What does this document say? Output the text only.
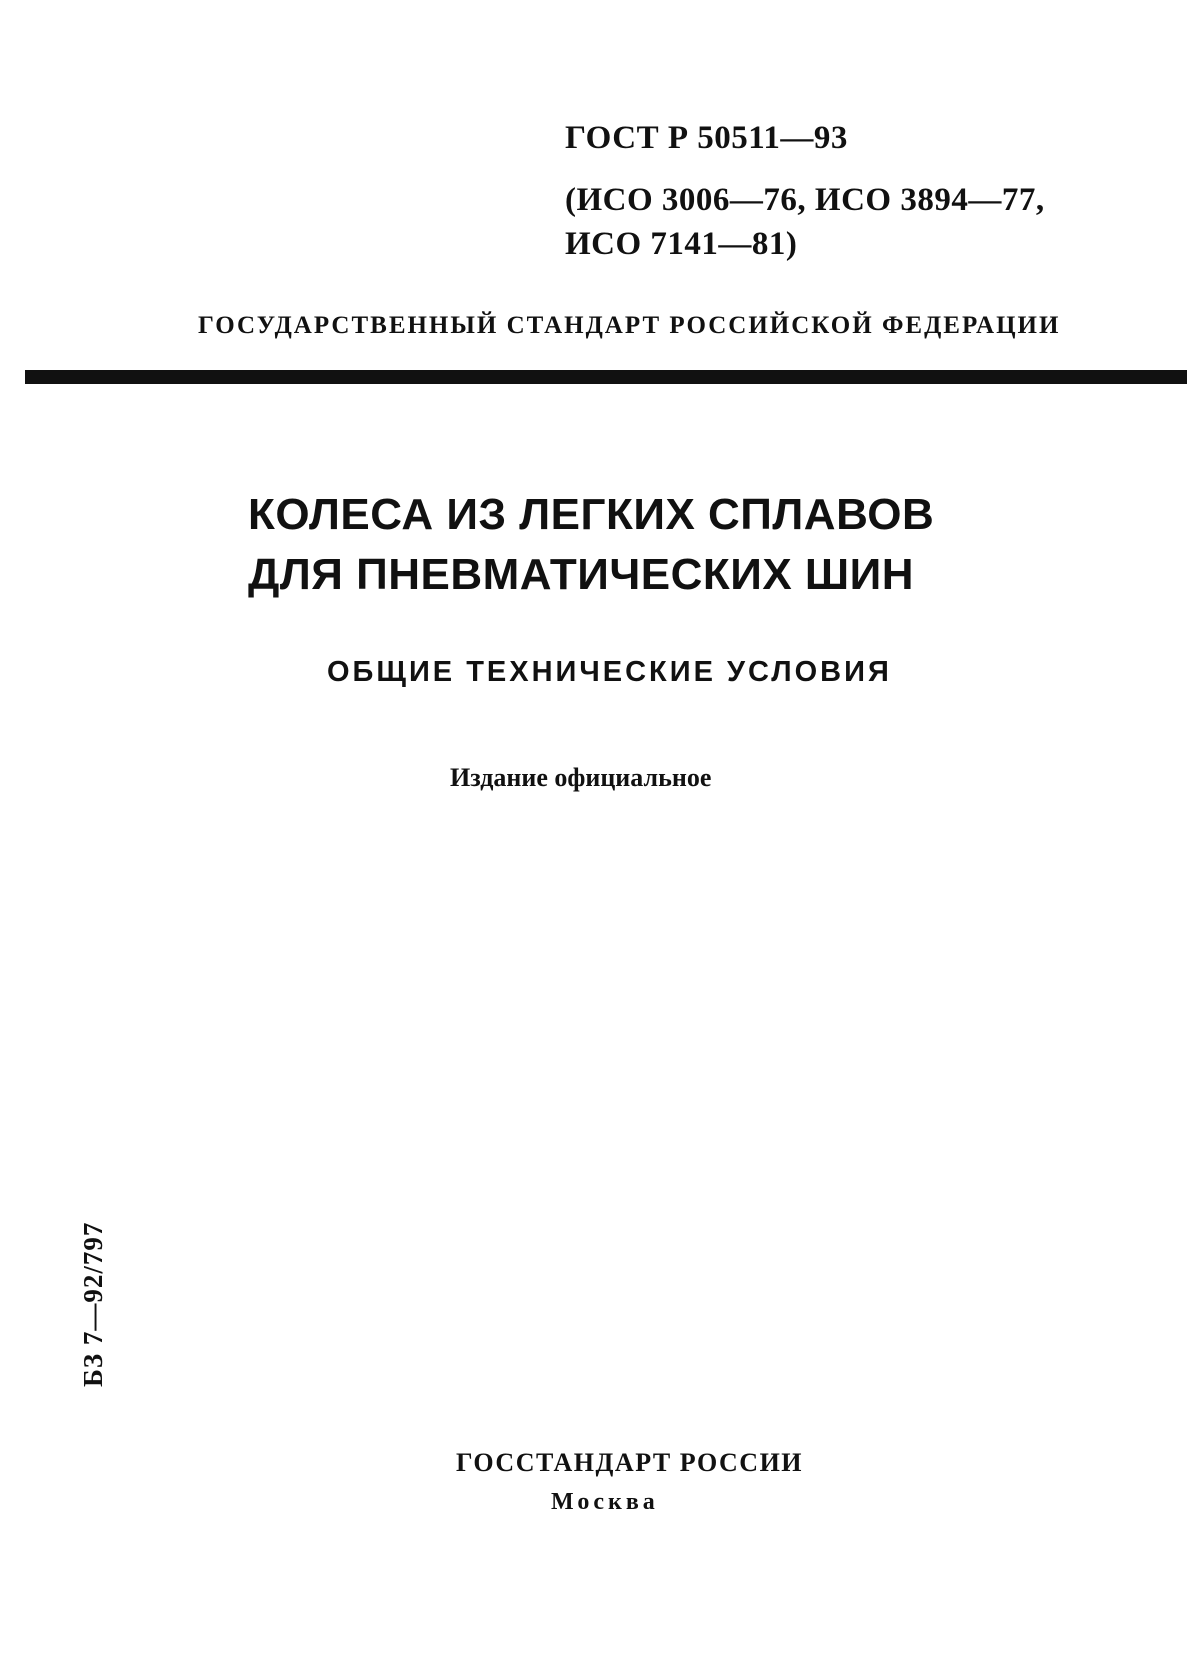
ГОСТ Р 50511—93
(ИСО 3006—76, ИСО 3894—77,
ИСО 7141—81)
ГОСУДАРСТВЕННЫЙ СТАНДАРТ РОССИЙСКОЙ ФЕДЕРАЦИИ
КОЛЕСА ИЗ ЛЕГКИХ СПЛАВОВ
ДЛЯ ПНЕВМАТИЧЕСКИХ ШИН
ОБЩИЕ ТЕХНИЧЕСКИЕ УСЛОВИЯ
Издание официальное
БЗ 7—92/797
ГОССТАНДАРТ РОССИИ
Москва
